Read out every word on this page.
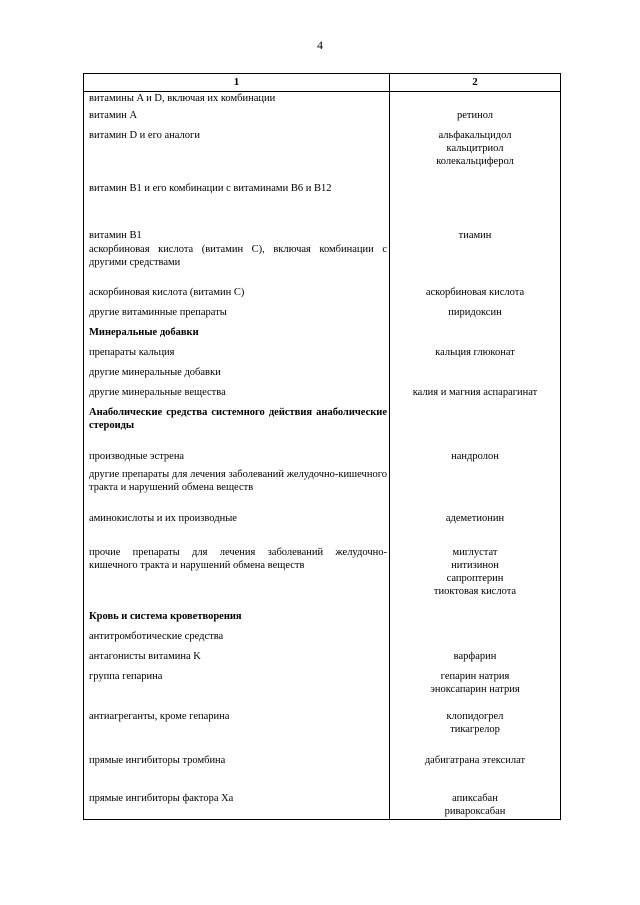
4
1	2
витамины A и D, включая их комбинации	
витамин A	ретинол

витамин D и его аналоги	альфакальцидол
кальцитриол
колекальциферол

витамин B1 и его комбинации с витаминами B6 и B12	
витамин B1	тиамин

аскорбиновая кислота (витамин C), включая комбинации с другими средствами	
аскорбиновая кислота (витамин C)	аскорбиновая кислота

другие витаминные препараты	пиридоксин

Минеральные добавки	
препараты кальция	кальция глюконат

другие минеральные добавки	
другие минеральные вещества	калия и магния аспарагинат

Анаболические средства системного действия анаболические стероиды	
производные эстрена	нандролон

другие препараты для лечения заболеваний желудочно-кишечного тракта и нарушений обмена веществ	
аминокислоты и их производные	адеметионин

прочие препараты для лечения заболеваний желудочно-кишечного тракта и нарушений обмена веществ	миглустат
нитизинон
сапроптерин
тиоктовая кислота

Кровь и система кроветворения	
антитромботические средства	
антагонисты витамина K	варфарин

группа гепарина	гепарин натрия
эноксапарин натрия

антиагреганты, кроме гепарина	клопидогрел
тикагрелор

прямые ингибиторы тромбина	дабигатрана этексилат

прямые ингибиторы фактора Xa	апиксабан
ривароксабан
